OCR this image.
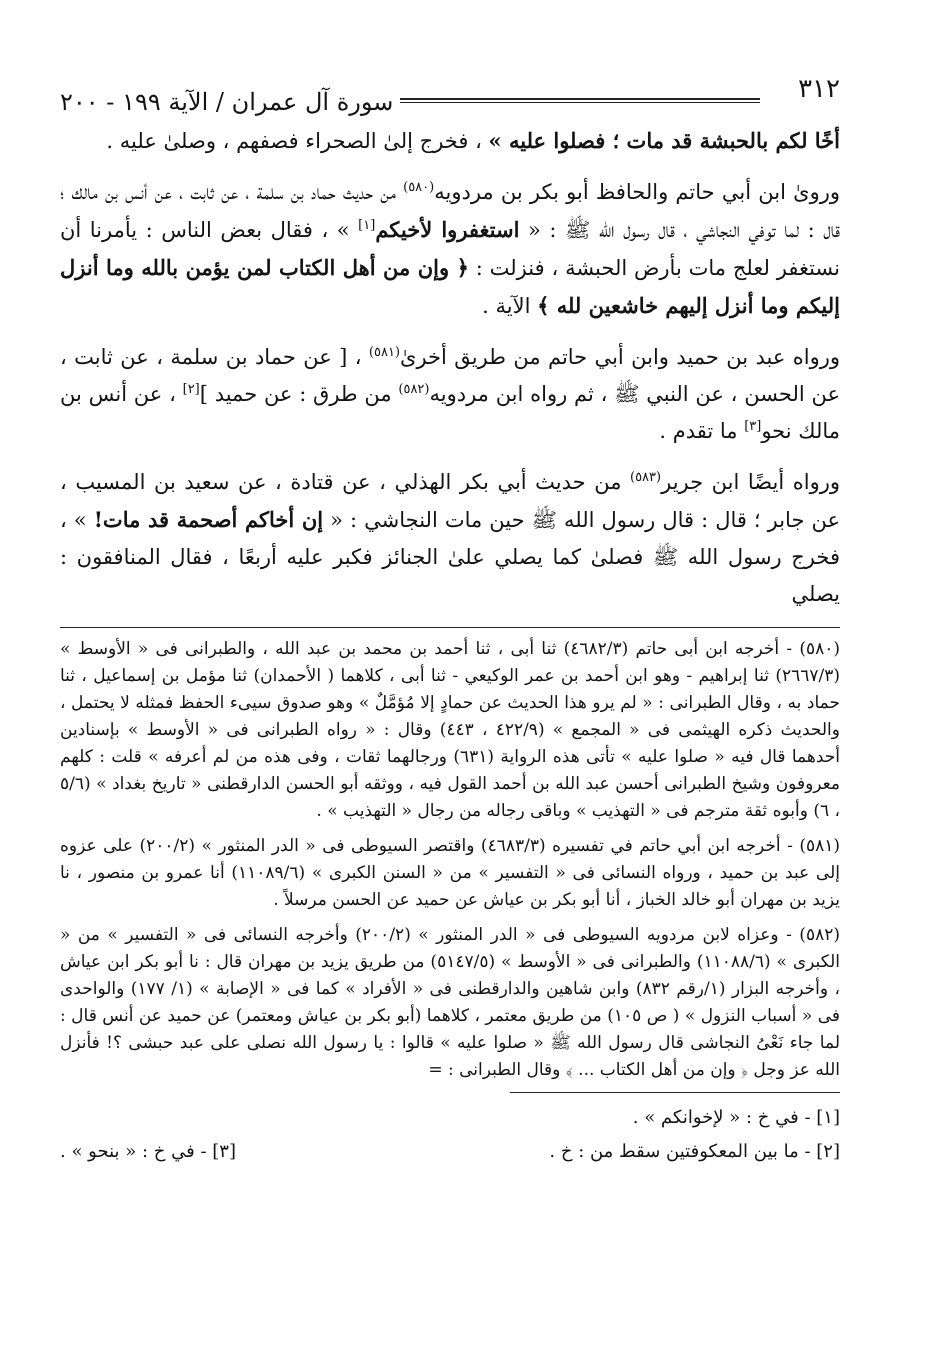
٣١٢
سورة آل عمران / الآية ١٩٩ - ٢٠٠

أخًا لكم بالحبشة قد مات ؛ فصلوا عليه » ، فخرج إلىٰ الصحراء فصفهم ، وصلىٰ عليه .

وروىٰ ابن أبي حاتم والحافظ أبو بكر بن مردويه$^{(٥٨٠)}$ من حديث حماد بن سلمة ، عن ثابت ، عن أنس بن مالك ؛ قال : لما توفي النجاشي ، قال رسول الله ﷺ : « استغفروا لأخيكم[١] » ، فقال بعض الناس : يأمرنا أن نستغفر لعلج مات بأرض الحبشة ، فنزلت : ﴿ وإن من أهل الكتاب لمن يؤمن بالله وما أنزل إليكم وما أنزل إليهم خاشعين لله ﴾ الآية .

ورواه عبد بن حميد وابن أبي حاتم من طريق أخرىٰ$^{(٥٨١)}$ ، [ عن حماد بن سلمة ، عن ثابت ، عن الحسن ، عن النبي ﷺ ، ثم رواه ابن مردويه$^{(٥٨٢)}$ من طرق : عن حميد ][٢] ، عن أنس بن مالك نحو[٣] ما تقدم .

ورواه أيضًا ابن جرير$^{(٥٨٣)}$ من حديث أبي بكر الهذلي ، عن قتادة ، عن سعيد بن المسيب ، عن جابر ؛ قال : قال رسول الله ﷺ حين مات النجاشي : « إن أخاكم أصحمة قد مات! » ، فخرج رسول الله ﷺ فصلىٰ كما يصلي علىٰ الجنائز فكبر عليه أربعًا ، فقال المنافقون : يصلي

(٥٨٠) - أخرجه ابن أبى حاتم (٤٦٨٢/٣) ثنا أبى ، ثنا أحمد بن محمد بن عبد الله ، والطبرانى فى « الأوسط » (٢٦٦٧/٣) ثنا إبراهيم - وهو ابن أحمد بن عمر الوكيعي - ثنا أبى ، كلاهما ( الأحمدان) ثنا مؤمل بن إسماعيل ، ثنا حماد به ، وقال الطبرانى : « لم يرو هذا الحديث عن حمادٍ إلا مُؤمَّلٌ » وهو صدوق سيىء الحفظ فمثله لا يحتمل ، والحديث ذكره الهيثمى فى « المجمع » (٤٢٢/٩ ، ٤٤٣) وقال : « رواه الطبرانى فى « الأوسط » بإسنادين أحدهما قال فيه « صلوا عليه » تأتى هذه الرواية (٦٣١) ورجالهما ثقات ، وفى هذه من لم أعرفه » قلت : كلهم معروفون وشيخ الطبرانى أحسن عبد الله بن أحمد القول فيه ، ووثقه أبو الحسن الدارقطنى « تاريخ بغداد » (٥/٦ ، ٦) وأبوه ثقة مترجم فى « التهذيب » وباقى رجاله من رجال « التهذيب » .

(٥٨١) - أخرجه ابن أبي حاتم في تفسيره (٤٦٨٣/٣) واقتصر السيوطى فى « الدر المنثور » (٢٠٠/٢) على عزوه إلى عبد بن حميد ، ورواه النسائى فى « التفسير » من « السنن الكبرى » (١١٠٨٩/٦) أنا عمرو بن منصور ، نا يزيد بن مهران أبو خالد الخباز ، أنا أبو بكر بن عياش عن حميد عن الحسن مرسلاً .

(٥٨٢) - وعزاه لابن مردويه السيوطى فى « الدر المنثور » (٢٠٠/٢) وأخرجه النسائى فى « التفسير » من « الكبرى » (١١٠٨٨/٦) والطبرانى فى « الأوسط » (٥١٤٧/٥) من طريق يزيد بن مهران قال : نا أبو بكر ابن عياش ، وأخرجه البزار (١/رقم ٨٣٢) وابن شاهين والدارقطنى فى « الأفراد » كما فى « الإصابة » (١/ ١٧٧) والواحدى فى « أسباب النزول » ( ص ١٠٥) من طريق معتمر ، كلاهما (أبو بكر بن عياش ومعتمر) عن حميد عن أنس قال : لما جاء نَعْىُ النجاشى قال رسول الله ﷺ « صلوا عليه » قالوا : يا رسول الله نصلى على عبد حبشى ؟! فأنزل الله عز وجل ﴿ وإن من أهل الكتاب ... ﴾ وقال الطبرانى : =

[١] - في خ : « لإخوانكم » .
[٢] - ما بين المعكوفتين سقط من : خ .
[٣] - في خ : « بنحو » .
